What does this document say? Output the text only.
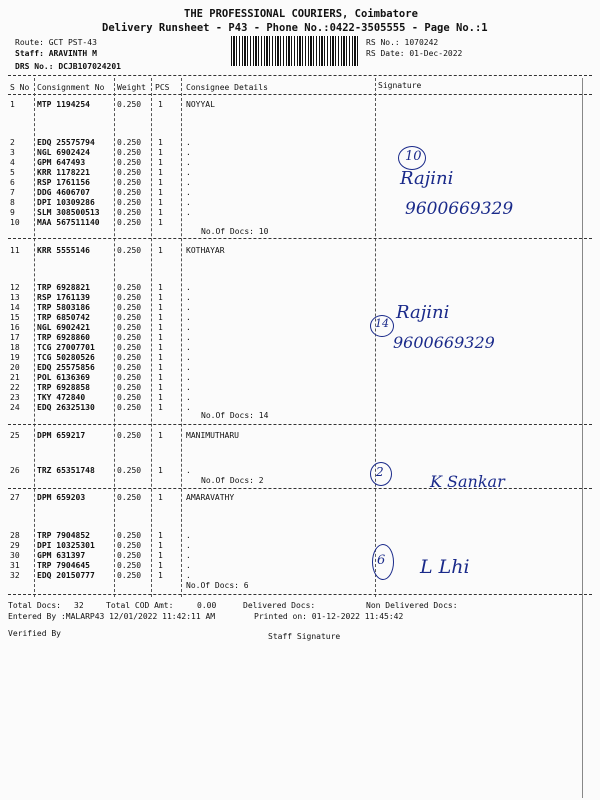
THE PROFESSIONAL COURIERS, Coimbatore
Delivery Runsheet - P43 - Phone No.:0422-3505555 - Page No.:1
Route: GCT PST-43
Staff: ARAVINTH M
DRS No.: DCJB107024201
RS No.: 1070242
RS Date: 01-Dec-2022
S No Consignment No Weight PCS Consignee Details	Signature
1	MTP 1194254	0.250 1	NOYYAL
2	EDQ 25575794	0.250 1	.
3	NGL 6902424	0.250 1	.
4	GPM 647493	0.250 1	.
5	KRR 1178221	0.250 1	.
6	RSP 1761156	0.250 1	.
7	DDG 4606707	0.250 1	.
8	DPI 10309286	0.250 1	.
9	SLM 308500513 0.250 1	.
10 MAA 567511140 0.250 1
No.Of Docs: 10
10
Rajini
9600669329
11 KRR 5555146	0.250 1	KOTHAYAR
12 TRP 6928821	0.250 1	.
13 RSP 1761139	0.250 1	.
14 TRP 5803186	0.250 1	.
15 TRP 6850742	0.250 1	.
16 NGL 6902421	0.250 1	.
17 TRP 6928860	0.250 1	.
18 TCG 27007701	0.250 1	.
19 TCG 50280526	0.250 1	.
20 EDQ 25575856	0.250 1	.
21 POL 6136369	0.250 1	.
22 TRP 6928858	0.250 1	.
23 TKY 472840	0.250 1	.
24 EDQ 26325130	0.250 1	.
No.Of Docs: 14
14
Rajini
9600669329
25 DPM 659217	0.250 1	MANIMUTHARU
26 TRZ 65351748	0.250 1	.
No.Of Docs: 2
2	K Sankar
27 DPM 659203	0.250 1	AMARAVATHY
28 TRP 7904852	0.250 1	.
29 DPI 10325301	0.250 1	.
30 GPM 631397	0.250 1	.
31 TRP 7904645	0.250 1	.
32 EDQ 20150777	0.250 1	.
No.Of Docs: 6
6 L Lhi
Total Docs: 32	Total COD Amt:	0.00	Delivered Docs:	Non Delivered Docs:
Entered By :MALARP43 12/01/2022 11:42:11 AM	Printed on: 01-12-2022 11:45:42
Verified By	Staff Signature
